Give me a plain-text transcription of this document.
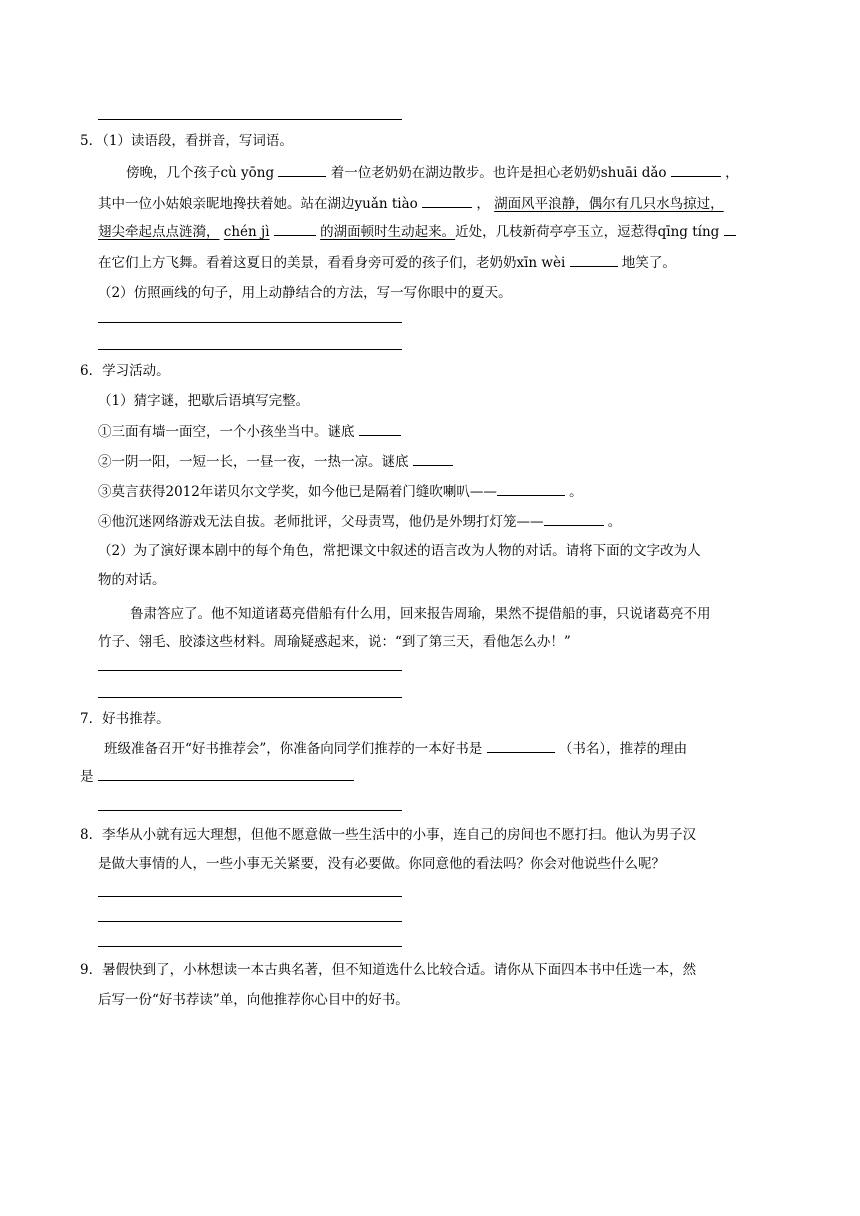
5．（1）读语段，看拼音，写词语。
傍晚，几个孩子cù yōng	着一位老奶奶在湖边散步。也许是担心老奶奶shuāi dǎo	，
其中一位小姑娘亲昵地搀扶着她。站在湖边yuǎn tiào	， 湖面风平浪静，偶尔有几只水鸟掠过，
翅尖牵起点点涟漪， chén jì	的湖面顿时生动起来。近处，几枝新荷亭亭玉立，逗惹得qīng tíng
在它们上方飞舞。看着这夏日的美景，看看身旁可爱的孩子们，老奶奶xīn wèi	地笑了。
（2）仿照画线的句子，用上动静结合的方法，写一写你眼中的夏天。
6．学习活动。
（1）猜字谜，把歇后语填写完整。
①三面有墙一面空，一个小孩坐当中。谜底
②一阴一阳，一短一长，一昼一夜，一热一凉。谜底
③莫言获得2012年诺贝尔文学奖，如今他已是隔着门缝吹喇叭——	。
④他沉迷网络游戏无法自拔。老师批评，父母责骂，他仍是外甥打灯笼——	。
（2）为了演好课本剧中的每个角色，常把课文中叙述的语言改为人物的对话。请将下面的文字改为人
物的对话。
鲁肃答应了。他不知道诸葛亮借船有什么用，回来报告周瑜，果然不提借船的事，只说诸葛亮不用
竹子、翎毛、胶漆这些材料。周瑜疑惑起来，说：“到了第三天，看他怎么办！”
7．好书推荐。
班级准备召开“好书推荐会”，你准备向同学们推荐的一本好书是	（书名），推荐的理由
是
8．李华从小就有远大理想，但他不愿意做一些生活中的小事，连自己的房间也不愿打扫。他认为男子汉
是做大事情的人，一些小事无关紧要，没有必要做。你同意他的看法吗？你会对他说些什么呢？
9．暑假快到了，小林想读一本古典名著，但不知道选什么比较合适。请你从下面四本书中任选一本，然
后写一份“好书荐读”单，向他推荐你心目中的好书。
